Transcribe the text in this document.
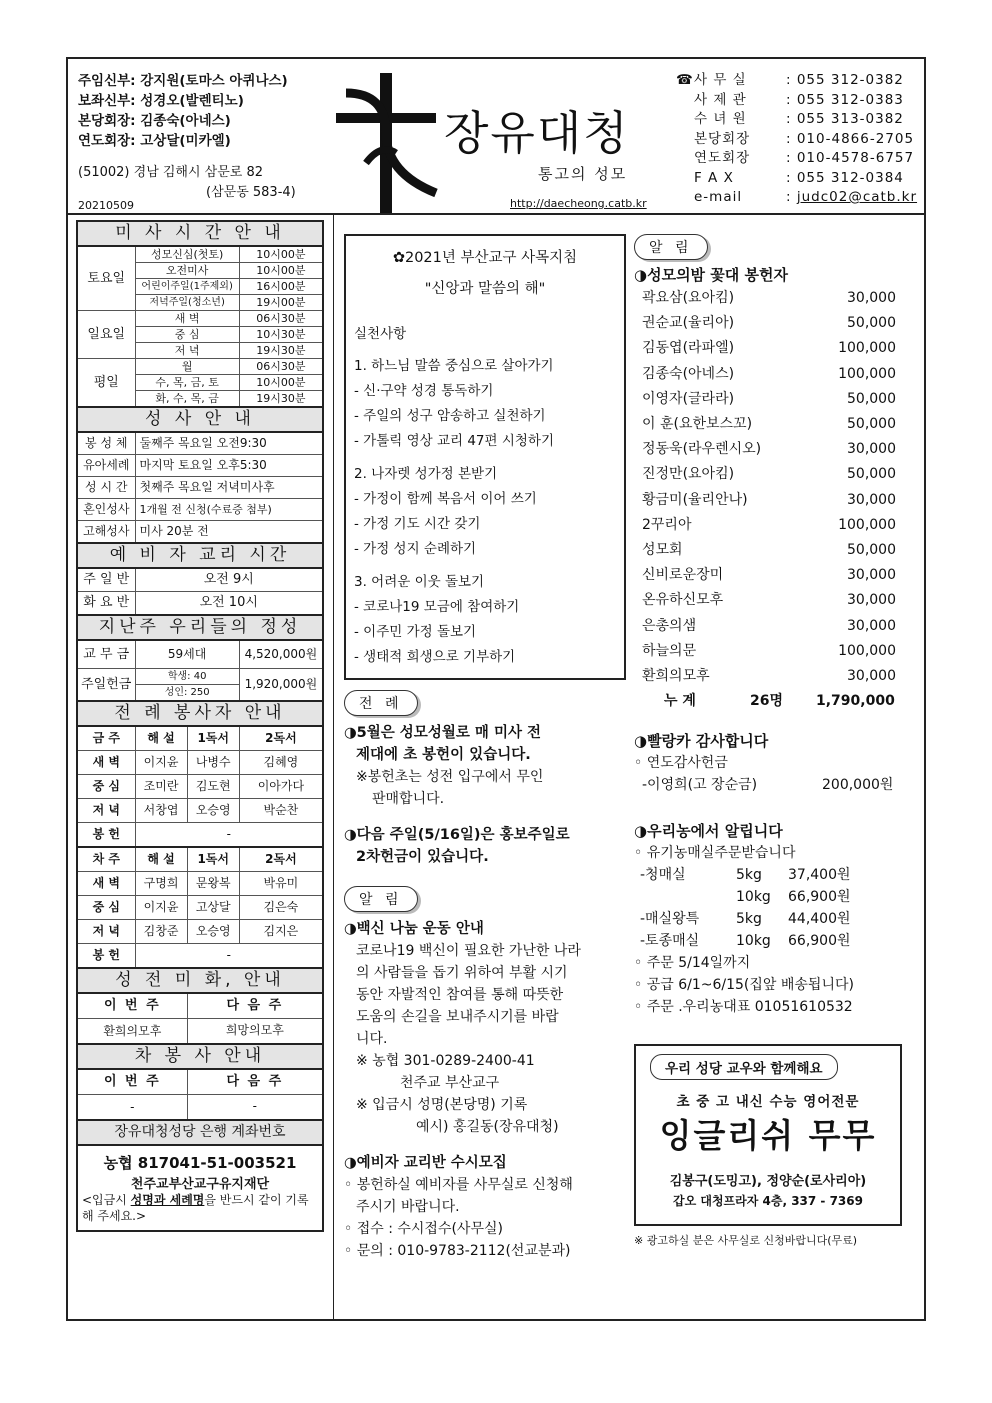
주임신부: 강지원(토마스 아퀴나스)
보좌신부: 성경오(발렌티노)
본당회장: 김종숙(아네스)
연도회장: 고상달(미카엘)
(51002) 경남 김해시 삼문로 82
(삼문동 583-4)
20210509
장유대청
통고의 성모
http://daecheong.catb.kr
☎ 사 무 실	: 055 312-0382
사 제 관	: 055 312-0383
수 녀 원	: 055 313-0382
본당회장	: 010-4866-2705
연도회장	: 010-4578-6757
F A X	: 055 312-0384
e-mail	: judc02@catb.kr
미 사 시 간 안 내			
토요일	성모신심(첫토)		10시00분
	오전미사		10시00분
	어린이주일(1주제외)		16시00분
	저녁주일(청소년)		19시00분
일요일	새 벽		06시30분
	중 심		10시30분
	저 녁		19시30분
평일	월		06시30분
	수, 목, 금, 토		10시00분
	화, 수, 목, 금		19시30분
성 사 안 내			
봉 성 체	둘째주 목요일 오전9:30		
유아세례	마지막 토요일 오후5:30		
성 시 간	첫째주 목요일 저녁미사후		
혼인성사	1개월 전 신청(수료증 첨부)		
고해성사	미사 20분 전		
예 비 자 교리 시간			
주 일 반	오전 9시		
화 요 반	오전 10시		
지난주 우리들의 정성			
교 무 금	59세대		4,520,000원
주일헌금	학생: 40		1,920,000원
	성인: 250		
전 례 봉사자 안내			
금 주	해 설	1독서	2독서
새 벽	이지윤	나병수	김혜영
중 심	조미란	김도현	이아가다
저 녁	서창엽	오승영	박순찬
봉 헌	-		
차 주	해 설	1독서	2독서
새 벽	구명희	문왕복	박유미
중 심	이지윤	고상달	김은숙
저 녁	김창준	오승영	김지은
봉 헌	-		
성 전 미 화, 안내			
이 번 주		다 음 주	
환희의모후		희망의모후	
차 봉 사 안내			
이 번 주		다 음 주	
-		-	
장유대청성당 은행 계좌번호			
농협 817041-51-003521
천주교부산교구유지재단
<입금시 성명과 세례명을 반드시 같이 기록해 주세요.>
✿2021년 부산교구 사목지침
"신앙과 말씀의 해"
실천사항
1. 하느님 말씀 중심으로 살아가기
- 신·구약 성경 통독하기
- 주일의 성구 암송하고 실천하기
- 가톨릭 영상 교리 47편 시청하기
2. 나자렛 성가정 본받기
- 가정이 함께 복음서 이어 쓰기
- 가정 기도 시간 갖기
- 가정 성지 순례하기
3. 어려운 이웃 돌보기
- 코로나19 모금에 참여하기
- 이주민 가정 돌보기
- 생태적 희생으로 기부하기
전 례
◑5월은 성모성월로 매 미사 전
제대에 초 봉헌이 있습니다.
※봉헌초는 성전 입구에서 무인
판매합니다.
◑다음 주일(5/16일)은 홍보주일로
2차헌금이 있습니다.
알 림
◑백신 나눔 운동 안내
코로나19 백신이 필요한 가난한 나라
의 사람들을 돕기 위하여 부활 시기
동안 자발적인 참여를 통해 따뜻한
도움의 손길을 보내주시기를 바랍
니다.
※ 농협 301-0289-2400-41
천주교 부산교구
※ 입금시 성명(본당명) 기록
예시) 홍길동(장유대청)
◑예비자 교리반 수시모집
◦ 봉헌하실 예비자를 사무실로 신청해
주시기 바랍니다.
◦ 접수 : 수시접수(사무실)
◦ 문의 : 010-9783-2112(선교분과)
알 림
◑성모의밤 꽃대 봉헌자
곽요삼(요아킴)	30,000
권순교(율리아)	50,000
김동엽(라파엘)	100,000
김종숙(아네스)	100,000
이영자(글라라)	50,000
이 훈(요한보스꼬)	50,000
정동욱(라우렌시오)	30,000
진정만(요아킴)	50,000
황금미(율리안나)	30,000
2꾸리아	100,000
성모회	50,000
신비로운장미	30,000
온유하신모후	30,000
은총의샘	30,000
하늘의문	100,000
환희의모후	30,000
누 계	26명	1,790,000
◑빨랑카 감사합니다
◦ 연도감사헌금
-이영희(고 장순금)	200,000원
◑우리농에서 알립니다
◦ 유기농매실주문받습니다
-청매실	5kg	37,400원
10kg	66,900원
-매실왕특	5kg	44,400원
-토종매실	10kg	66,900원
◦ 주문 5/14일까지
◦ 공급 6/1~6/15(집앞 배송됩니다)
◦ 주문 .우리농대표 01051610532
우리 성당 교우와 함께해요
초 중 고 내신 수능 영어전문
잉글리쉬 무무
김봉구(도밍고), 정양순(로사리아)
갑오 대청프라자 4층, 337 - 7369
※ 광고하실 분은 사무실로 신청바랍니다(무료)
